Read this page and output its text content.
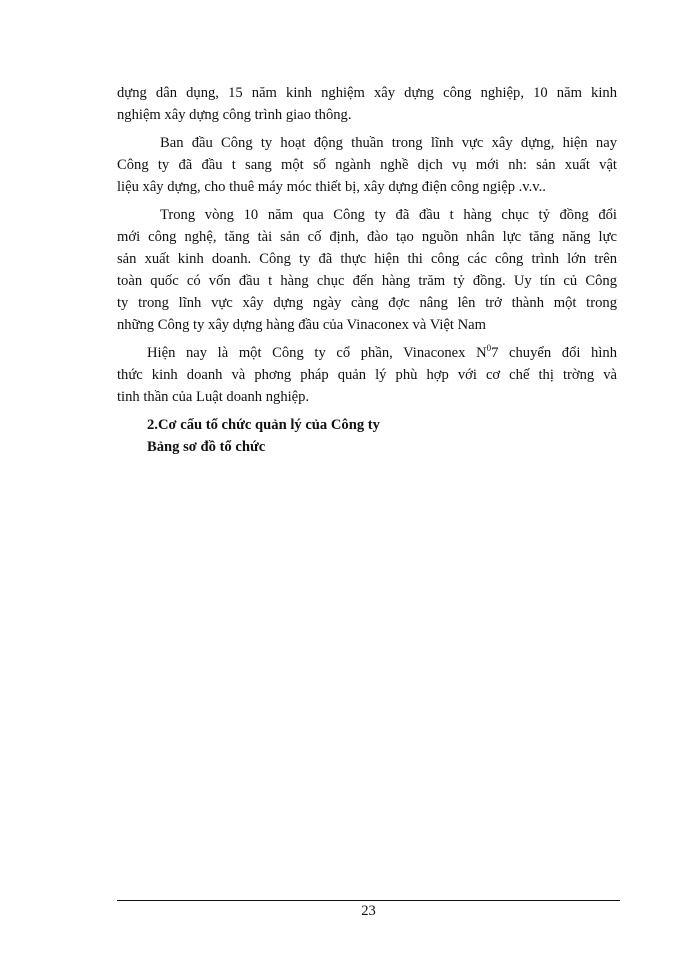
dựng dân dụng, 15 năm kinh nghiệm xây dựng công nghiệp, 10 năm kinh
nghiệm xây dựng công trình giao thông.
Ban đầu Công ty hoạt động thuần trong lĩnh vực xây dựng, hiện nay
Công ty đã đầu t sang một số ngành nghề dịch vụ mới nh: sản xuất vật
liệu xây dựng, cho thuê máy móc thiết bị, xây dựng điện công ngiệp .v.v..
Trong vòng 10 năm qua Công ty đã đầu t hàng chục tỷ đồng đổi
mới công nghệ, tăng tài sản cố định, đào tạo nguồn nhân lực tăng năng lực
sản xuất kinh doanh. Công ty đã thực hiện thi công các công trình lớn trên
toàn quốc có vốn đầu t hàng chục đến hàng trăm tỷ đồng. Uy tín củ Công
ty trong lĩnh vực xây dựng ngày càng đợc nâng lên trở thành một trong
những Công ty xây dựng hàng đầu của Vinaconex và Việt Nam
Hiện nay là một Công ty cổ phần, Vinaconex $N^07$ chuyển đổi hình
thức kinh doanh và phơng pháp quản lý phù hợp với cơ chế thị trờng và
tinh thần của Luật doanh nghiệp.

2.Cơ cấu tổ chức quản lý của Công ty

Bảng sơ đồ tổ chức

23
